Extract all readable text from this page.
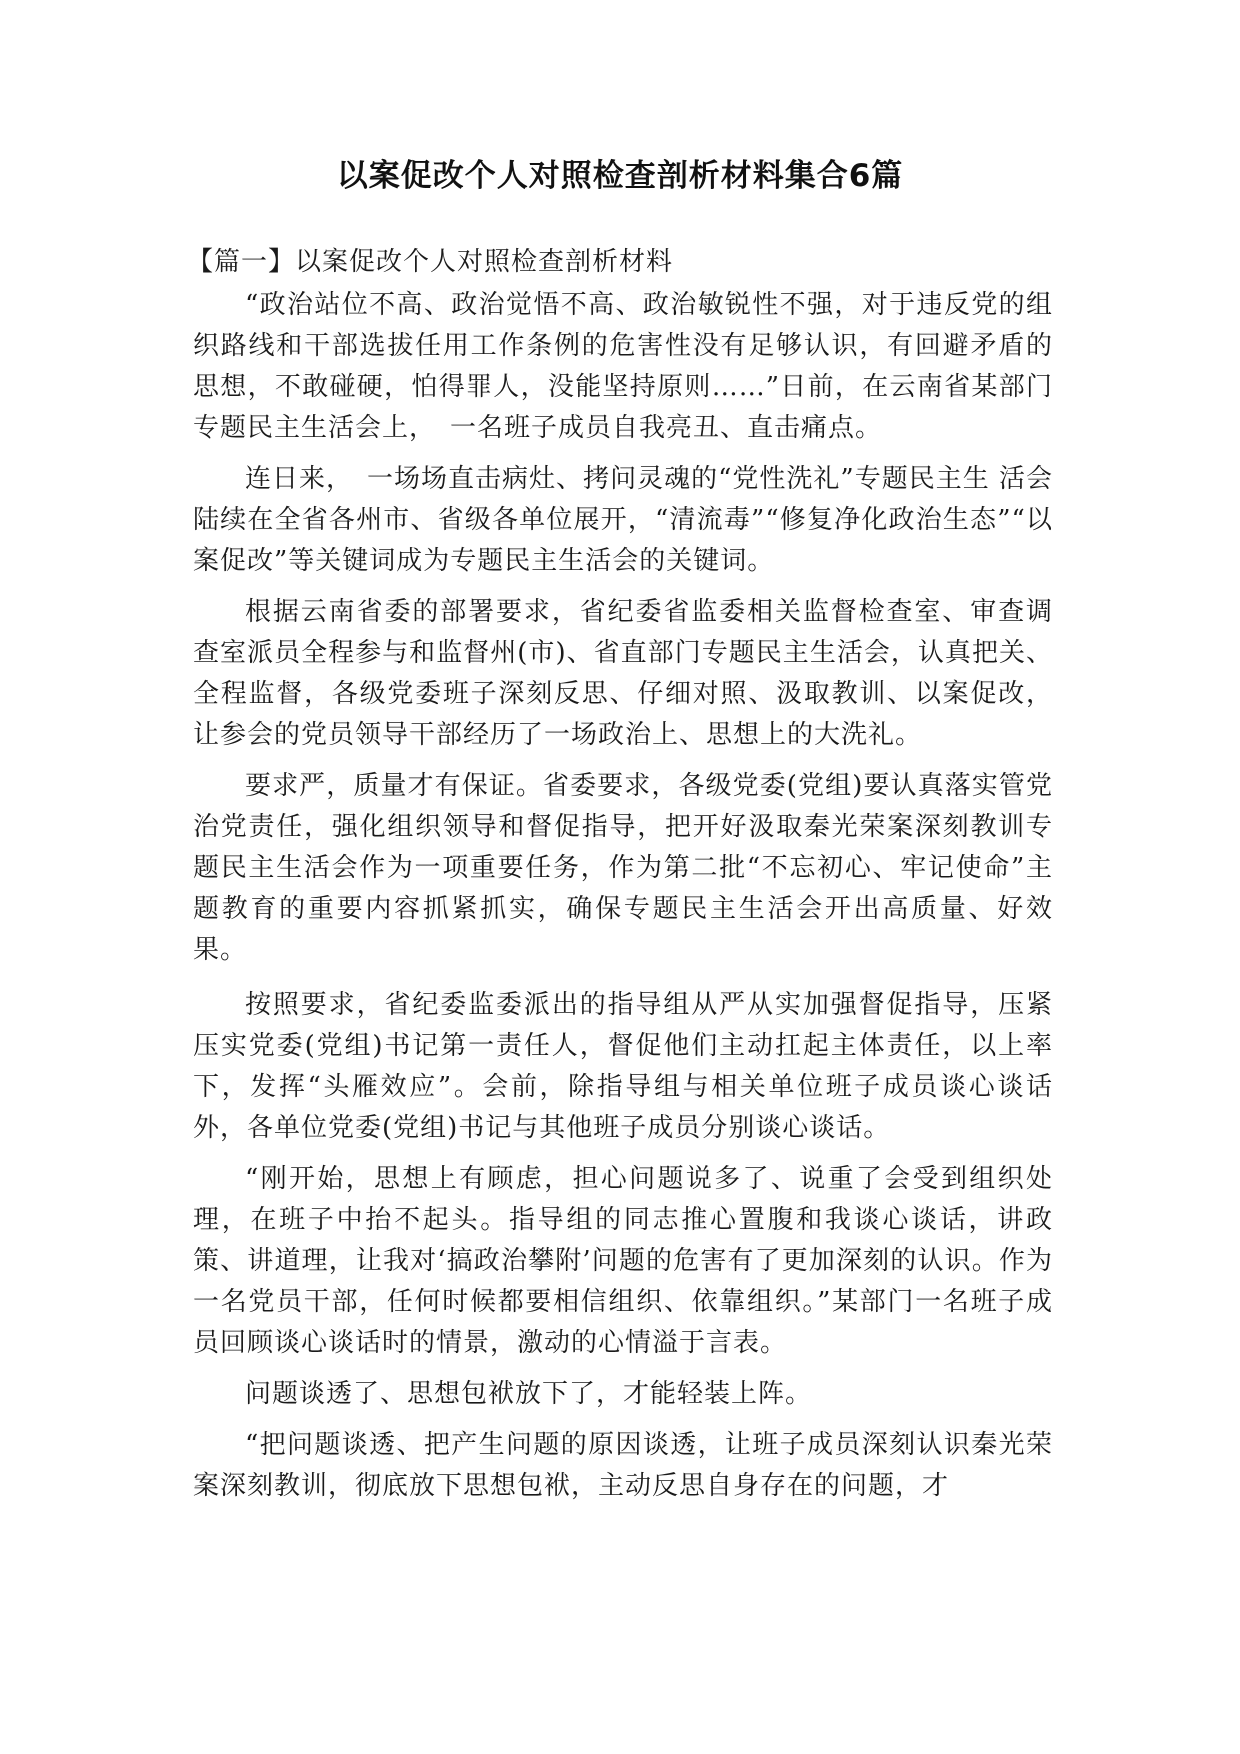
以案促改个人对照检查剖析材料集合6篇

【篇一】以案促改个人对照检查剖析材料

“政治站位不高、政治觉悟不高、政治敏锐性不强，对于违反党的组织路线和干部选拔任用工作条例的危害性没有足够认识，有回避矛盾的思想，不敢碰硬，怕得罪人，没能坚持原则……”日前，在云南省某部门专题民主生活会上，　一名班子成员自我亮丑、直击痛点。

连日来，　一场场直击病灶、拷问灵魂的“党性洗礼”专题民主生 活会陆续在全省各州市、省级各单位展开，“清流毒”“修复净化政治生态”“以案促改”等关键词成为专题民主生活会的关键词。

根据云南省委的部署要求，省纪委省监委相关监督检查室、审查调查室派员全程参与和监督州(市)、省直部门专题民主生活会，认真把关、全程监督，各级党委班子深刻反思、仔细对照、汲取教训、以案促改，让参会的党员领导干部经历了一场政治上、思想上的大洗礼。

要求严，质量才有保证。省委要求，各级党委(党组)要认真落实管党治党责任，强化组织领导和督促指导，把开好汲取秦光荣案深刻教训专题民主生活会作为一项重要任务，作为第二批“不忘初心、牢记使命”主题教育的重要内容抓紧抓实，确保专题民主生活会开出高质量、好效果。

按照要求，省纪委监委派出的指导组从严从实加强督促指导，压紧压实党委(党组)书记第一责任人，督促他们主动扛起主体责任，以上率下，发挥“头雁效应”。会前，除指导组与相关单位班子成员谈心谈话外，各单位党委(党组)书记与其他班子成员分别谈心谈话。

“刚开始，思想上有顾虑，担心问题说多了、说重了会受到组织处理，在班子中抬不起头。指导组的同志推心置腹和我谈心谈话，讲政策、讲道理，让我对‘搞政治攀附’问题的危害有了更加深刻的认识。作为一名党员干部，任何时候都要相信组织、依靠组织。”某部门一名班子成员回顾谈心谈话时的情景，激动的心情溢于言表。

问题谈透了、思想包袱放下了，才能轻装上阵。

“把问题谈透、把产生问题的原因谈透，让班子成员深刻认识秦光荣案深刻教训，彻底放下思想包袱，主动反思自身存在的问题，才
